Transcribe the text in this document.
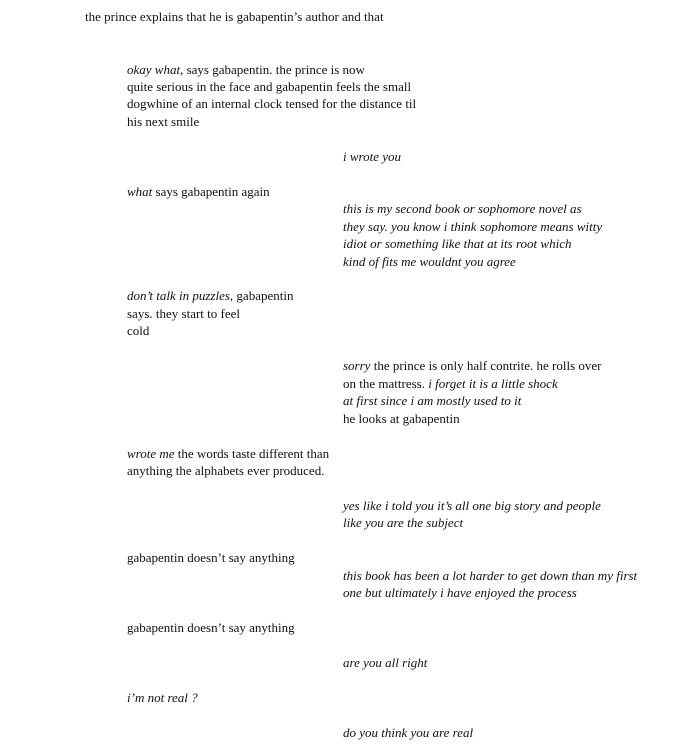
the prince explains that he is gabapentin’s author and that
okay what, says gabapentin. the prince is now
quite serious in the face and gabapentin feels the small
dogwhine of an internal clock tensed for the distance til
his next smile
i wrote you
what says gabapentin again
this is my second book or sophomore novel as
they say. you know i think sophomore means witty
idiot or something like that at its root which
kind of fits me wouldnt you agree
don’t talk in puzzles, gabapentin
says. they start to feel
cold
sorry the prince is only half contrite. he rolls over
on the mattress. i forget it is a little shock
at first since i am mostly used to it
he looks at gabapentin
wrote me the words taste different than
anything the alphabets ever produced.
yes like i told you it’s all one big story and people
like you are the subject
gabapentin doesn’t say anything
this book has been a lot harder to get down than my first
one but ultimately i have enjoyed the process
gabapentin doesn’t say anything
are you all right
i’m not real ?
do you think you are real
